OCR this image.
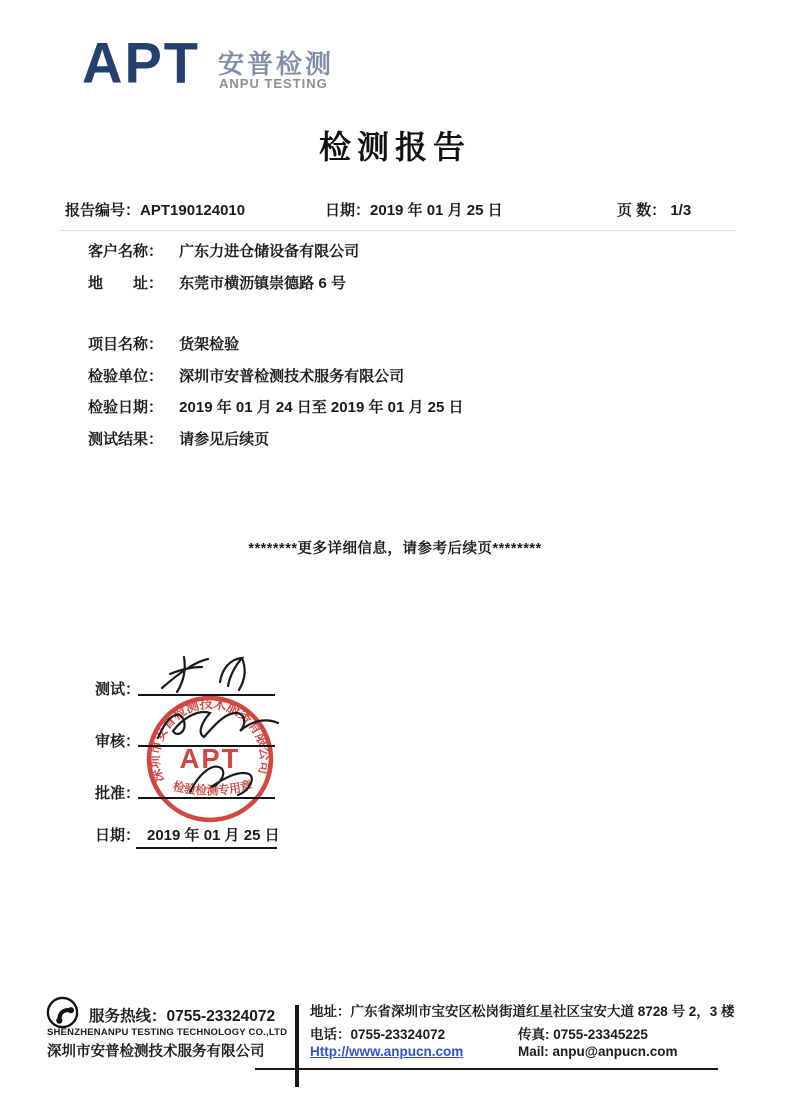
APT 安普检测
ANPU TESTING
检测报告
报告编号：APT190124010	日期：2019 年 01 月 25 日	页 数： 1/3
客户名称： 广东力进仓储设备有限公司
地　　址： 东莞市横沥镇崇德路 6 号
项目名称： 货架检验
检验单位： 深圳市安普检测技术服务有限公司
检验日期： 2019 年 01 月 24 日至 2019 年 01 月 25 日
测试结果： 请参见后续页
********更多详细信息，请参考后续页********
深圳市安普检测技术服务有限公司
APT
检验检测专用章
测试：
审核：
批准：
日期： 2019 年 01 月 25 日
服务热线：0755-23324072
SHENZHENANPU TESTING TECHNOLOGY CO.,LTD
深圳市安普检测技术服务有限公司
地址：广东省深圳市宝安区松岗街道红星社区宝安大道 8728 号 2，3 楼
电话：0755-23324072	传真: 0755-23345225
Http://www.anpucn.com	Mail: anpu@anpucn.com
